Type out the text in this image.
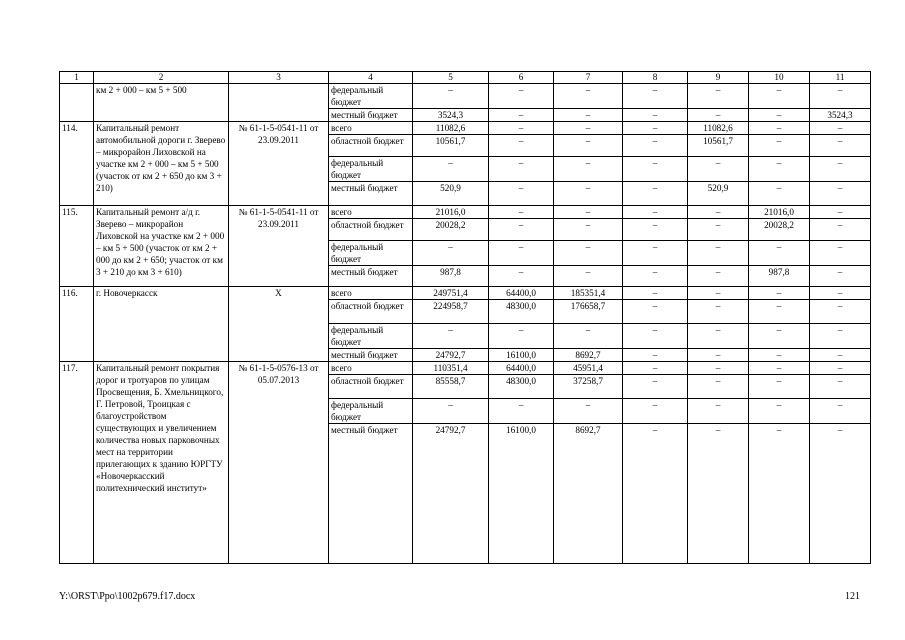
1	2	3	4	5	6	7	8	9	10	11
	км 2 + 000 – км 5 + 500		федеральный бюджет	–	–	–	–	–	–	–
			местный бюджет	3524,3	–	–	–	–	–	3524,3
114.	Капитальный ремонт автомобильной дороги г. Зверево – микрорайон Лиховской на участке км 2 + 000 – км 5 + 500 (участок от км 2 + 650 до км 3 + 210)	№ 61-1-5-0541-11 от 23.09.2011	всего	11082,6	–	–	–	11082,6	–	–
			областной бюджет	10561,7	–	–	–	10561,7	–	–
			федеральный бюджет	–	–	–	–	–	–	–
			местный бюджет	520,9	–	–	–	520,9	–	–
115.	Капитальный ремонт а/д г. Зверево – микрорайон Лиховской на участке км 2 + 000 – км 5 + 500 (участок от км 2 + 000 до км 2 + 650; участок от км 3 + 210 до км 3 + 610)	№ 61-1-5-0541-11 от 23.09.2011	всего	21016,0	–	–	–	–	21016,0	–
			областной бюджет	20028,2	–	–	–	–	20028,2	–
			федеральный бюджет	–	–	–	–	–	–	–
			местный бюджет	987,8	–	–	–	–	987,8	–
116.	г. Новочеркасск	Х	всего	249751,4	64400,0	185351,4	–	–	–	–
			областной бюджет	224958,7	48300,0	176658,7	–	–	–	–
			федеральный бюджет	–	–	–	–	–	–	–
			местный бюджет	24792,7	16100,0	8692,7	–	–	–	–
117.	Капитальный ремонт покрытия дорог и тротуаров по улицам Просвещения, Б. Хмельницкого, Г. Петровой, Троицкая с благоустройством существующих и увеличением количества новых парковочных мест на территории прилегающих к зданию ЮРГТУ «Новочеркасский политехнический институт»	№ 61-1-5-0576-13 от 05.07.2013	всего	110351,4	64400,0	45951,4	–	–	–	–
			областной бюджет	85558,7	48300,0	37258,7	–	–	–	–
			федеральный бюджет	–	–	–	–	–	–	–
			местный бюджет	24792,7	16100,0	8692,7	–	–	–	–
Y:\ORST\Ppo\1002p679.f17.docx	121
